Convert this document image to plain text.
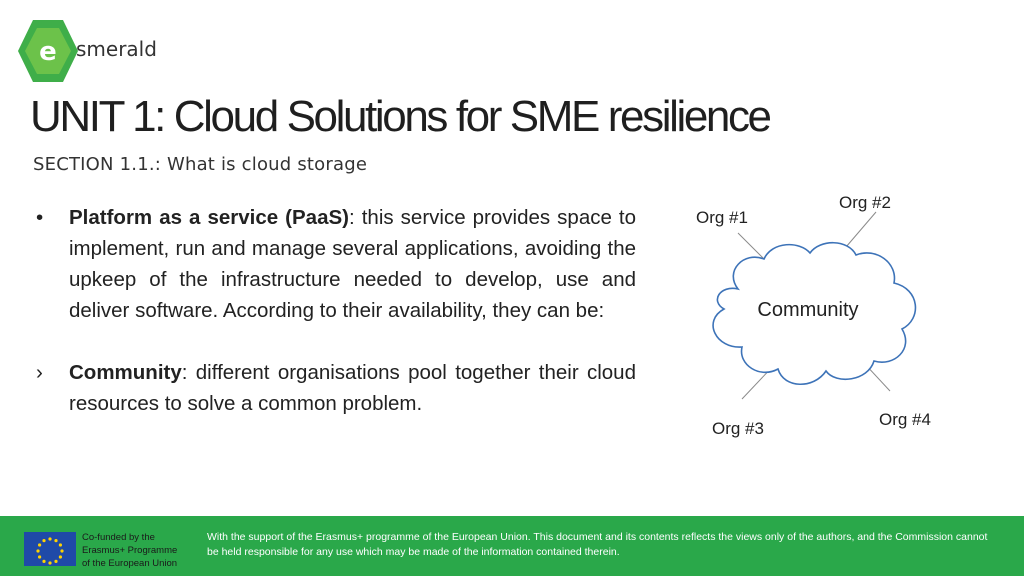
e smerald
UNIT 1: Cloud Solutions for SME resilience
SECTION 1.1.: What is cloud storage
• Platform as a service (PaaS): this service provides space to implement, run and manage several applications, avoiding the upkeep of the infrastructure needed to develop, use and deliver software. According to their availability, they can be:
› Community: different organisations pool together their cloud resources to solve a common problem.
Community
Org #1
Org #2
Org #3	Org #4
Co-funded by the
Erasmus+ Programme
of the European Union
With the support of the Erasmus+ programme of the European Union. This document and its contents reflects the views only of the authors, and the Commission cannot be held responsible for any use which may be made of the information contained therein.
